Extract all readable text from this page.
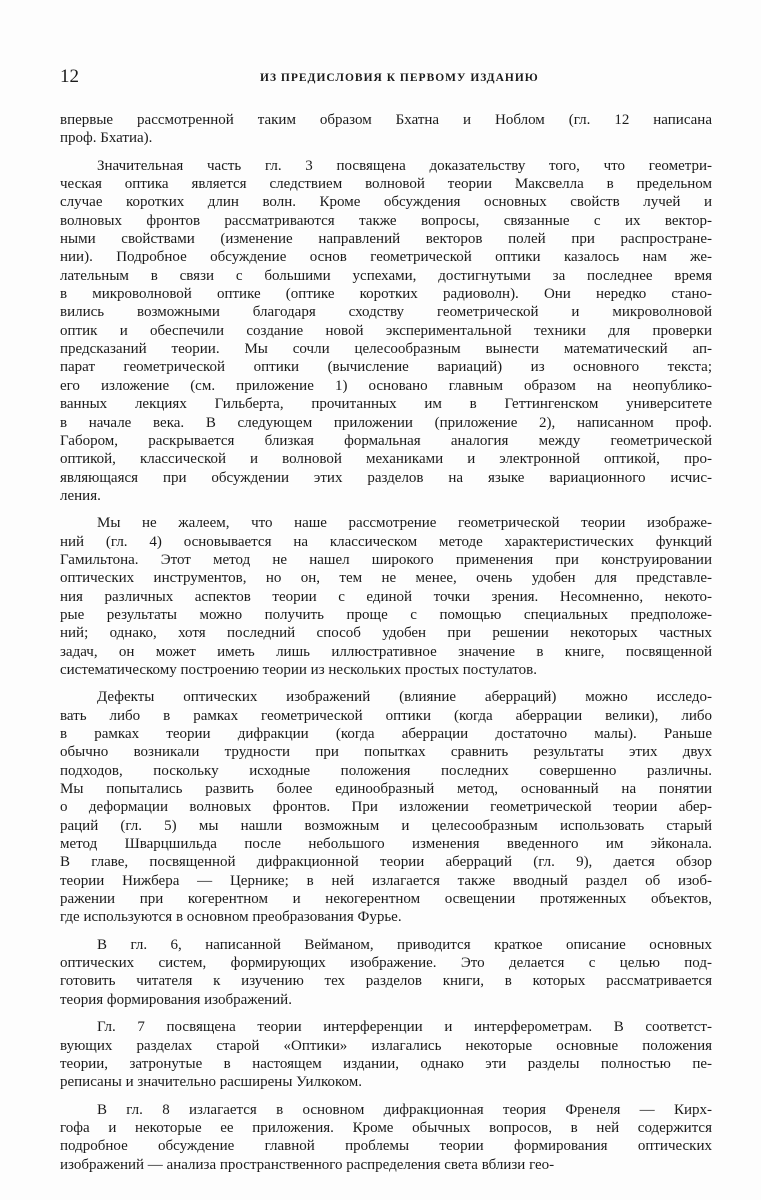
12	ИЗ ПРЕДИСЛОВИЯ К ПЕРВОМУ ИЗДАНИЮ
впервые рассмотренной таким образом Бхатна и Ноблом (гл. 12 написана
проф. Бхатиа).
Значительная часть гл. 3 посвящена доказательству того, что геометри-
ческая оптика является следствием волновой теории Максвелла в предельном
случае коротких длин волн. Кроме обсуждения основных свойств лучей и
волновых фронтов рассматриваются также вопросы, связанные с их вектор-
ными свойствами (изменение направлений векторов полей при распростране-
нии). Подробное обсуждение основ геометрической оптики казалось нам же-
лательным в связи с большими успехами, достигнутыми за последнее время
в микроволновой оптике (оптике коротких радиоволн). Они нередко стано-
вились возможными благодаря сходству геометрической и микроволновой
оптик и обеспечили создание новой экспериментальной техники для проверки
предсказаний теории. Мы сочли целесообразным вынести математический ап-
парат геометрической оптики (вычисление вариаций) из основного текста;
его изложение (см. приложение 1) основано главным образом на неопублико-
ванных лекциях Гильберта, прочитанных им в Геттингенском университете
в начале века. В следующем приложении (приложение 2), написанном проф.
Габором, раскрывается близкая формальная аналогия между геометрической
оптикой, классической и волновой механиками и электронной оптикой, про-
являющаяся при обсуждении этих разделов на языке вариационного исчис-
ления.
Мы не жалеем, что наше рассмотрение геометрической теории изображе-
ний (гл. 4) основывается на классическом методе характеристических функций
Гамильтона. Этот метод не нашел широкого применения при конструировании
оптических инструментов, но он, тем не менее, очень удобен для представле-
ния различных аспектов теории с единой точки зрения. Несомненно, некото-
рые результаты можно получить проще с помощью специальных предположе-
ний; однако, хотя последний способ удобен при решении некоторых частных
задач, он может иметь лишь иллюстративное значение в книге, посвященной
систематическому построению теории из нескольких простых постулатов.
Дефекты оптических изображений (влияние аберраций) можно исследо-
вать либо в рамках геометрической оптики (когда аберрации велики), либо
в рамках теории дифракции (когда аберрации достаточно малы). Раньше
обычно возникали трудности при попытках сравнить результаты этих двух
подходов, поскольку исходные положения последних совершенно различны.
Мы попытались развить более единообразный метод, основанный на понятии
о деформации волновых фронтов. При изложении геометрической теории абер-
раций (гл. 5) мы нашли возможным и целесообразным использовать старый
метод Шварцшильда после небольшого изменения введенного им эйконала.
В главе, посвященной дифракционной теории аберраций (гл. 9), дается обзор
теории Нижбера — Цернике; в ней излагается также вводный раздел об изоб-
ражении при когерентном и некогерентном освещении протяженных объектов,
где используются в основном преобразования Фурье.
В гл. 6, написанной Вейманом, приводится краткое описание основных
оптических систем, формирующих изображение. Это делается с целью под-
готовить читателя к изучению тех разделов книги, в которых рассматривается
теория формирования изображений.
Гл. 7 посвящена теории интерференции и интерферометрам. В соответст-
вующих разделах старой «Оптики» излагались некоторые основные положения
теории, затронутые в настоящем издании, однако эти разделы полностью пе-
реписаны и значительно расширены Уилкоком.
В гл. 8 излагается в основном дифракционная теория Френеля — Кирх-
гофа и некоторые ее приложения. Кроме обычных вопросов, в ней содержится
подробное обсуждение главной проблемы теории формирования оптических
изображений — анализа пространственного распределения света вблизи гео-
